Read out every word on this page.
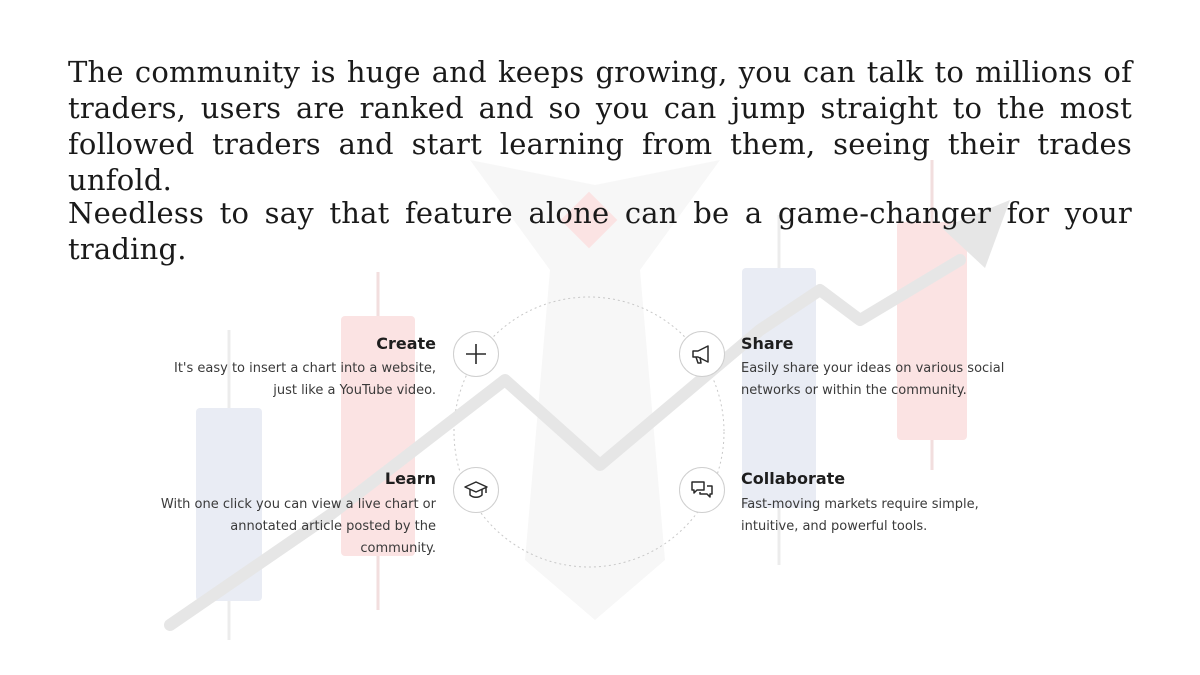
The community is huge and keeps growing, you can talk to millions of traders, users are ranked and so you can jump straight to the most followed traders and start learning from them, seeing their trades unfold.

Needless to say that feature alone can be a game-changer for your trading.

Create
It's easy to insert a chart into a website,
just like a YouTube video.
Share
Easily share your ideas on various social
networks or within the community.
Learn
With one click you can view a live chart or
annotated article posted by the
community.
Collaborate
Fast-moving markets require simple,
intuitive, and powerful tools.
